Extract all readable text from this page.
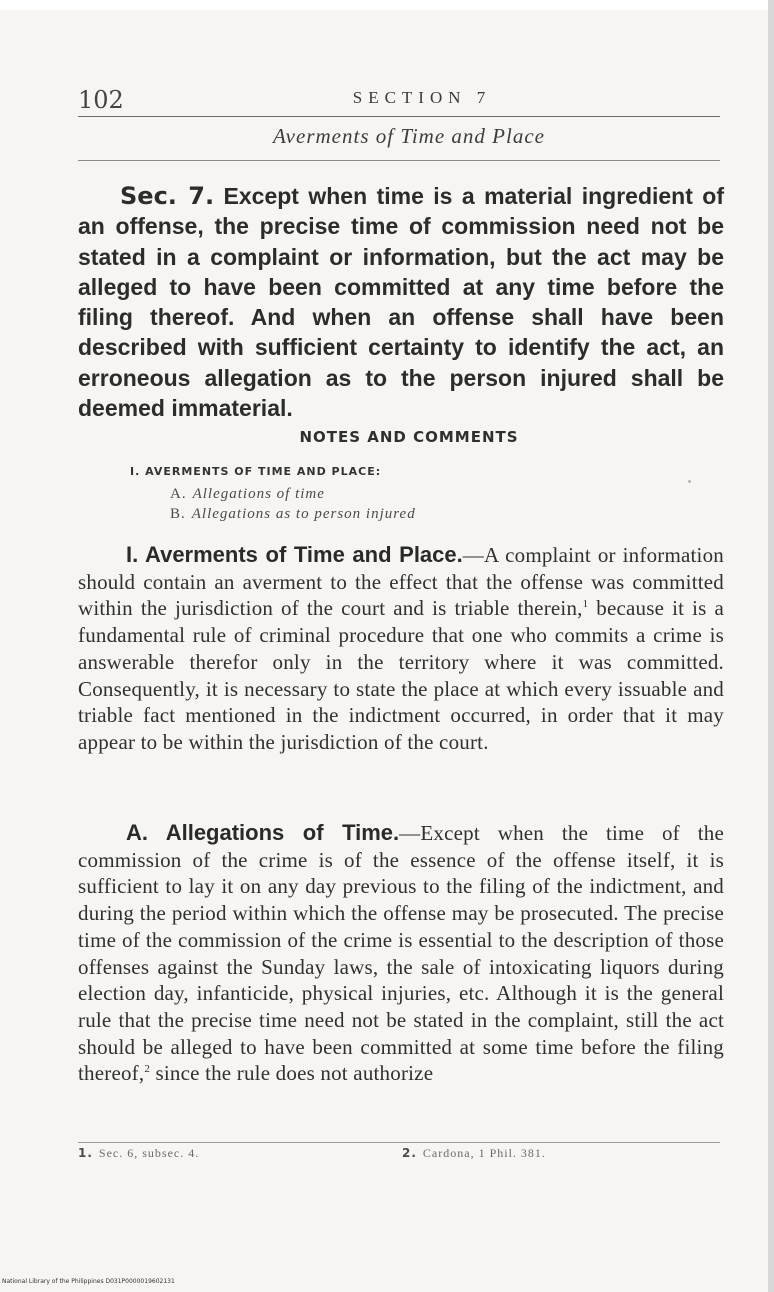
102	SECTION 7
Averments of Time and Place

Sec. 7. Except when time is a material ingredient of an offense, the precise time of commission need not be stated in a complaint or information, but the act may be alleged to have been committed at any time before the filing thereof. And when an offense shall have been described with sufficient certainty to identify the act, an erroneous allegation as to the person injured shall be deemed immaterial.

NOTES AND COMMENTS

I. AVERMENTS OF TIME AND PLACE:

A. Allegations of time
B. Allegations as to person injured

I. Averments of Time and Place.—A complaint or information should contain an averment to the effect that the offense was committed within the jurisdiction of the court and is triable therein,$^1$ because it is a fundamental rule of criminal procedure that one who commits a crime is answerable therefor only in the territory where it was committed. Consequently, it is necessary to state the place at which every issuable and triable fact mentioned in the indictment occurred, in order that it may appear to be within the jurisdiction of the court.

A. Allegations of Time.—Except when the time of the commission of the crime is of the essence of the offense itself, it is sufficient to lay it on any day previous to the filing of the indictment, and during the period within which the offense may be prosecuted. The precise time of the commission of the crime is essential to the description of those offenses against the Sunday laws, the sale of intoxicating liquors during election day, infanticide, physical injuries, etc. Although it is the general rule that the precise time need not be stated in the complaint, still the act should be alleged to have been committed at some time before the filing thereof,$^2$ since the rule does not authorize

1. Sec. 6, subsec. 4.	2. Cardona, 1 Phil. 381.
National Library of the Philippines D031P0000019602131
